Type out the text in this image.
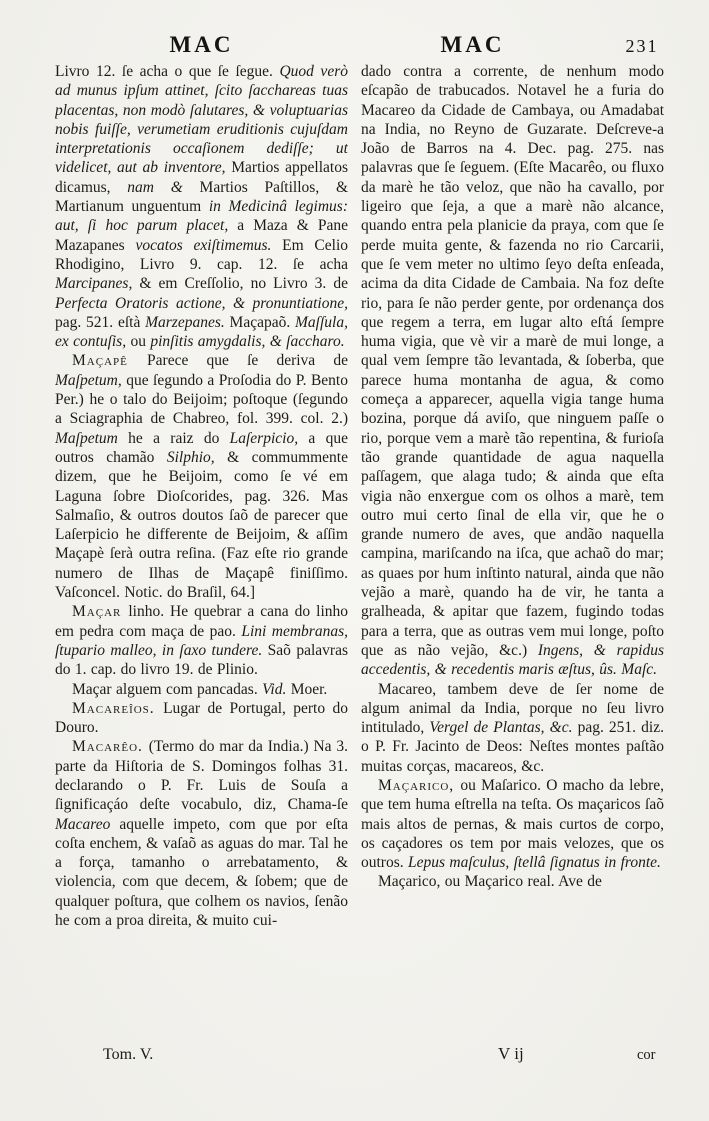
MAC	MAC	231

Livro 12. ſe acha o que ſe ſegue. Quod verò ad munus ipſum attinet, ſcito ſacchareas tuas placentas, non modò ſalutares, & voluptuarias nobis fuiſſe, verumetiam eruditionis cujuſdam interpretationis occaſionem dediſſe; ut videlicet, aut ab inventore, Martios appellatos dicamus, nam & Martios Paſtillos, & Martianum unguentum in Medicinâ legimus: aut, ſi hoc parum placet, a Maza & Pane Mazapanes vocatos exiſtimemus. Em Celio Rhodigino, Livro 9. cap. 12. ſe acha Marcipanes, & em Creſſolio, no Livro 3. de Perfecta Oratoris actione, & pronuntiatione, pag. 521. eſtà Marzepanes. Maçapaõ. Maſſula, ex contuſis, ou pinſitis amygdalis, & ſaccharo.

Maçapê Parece que ſe deriva de Maſpetum, que ſegundo a Proſodia do P. Bento Per.) he o talo do Beijoim; poſtoque (ſegundo a Sciagraphia de Chabreo, fol. 399. col. 2.) Maſpetum he a raiz do Laſerpicio, a que outros chamão Silphio, & commummente dizem, que he Beijoim, como ſe vé em Laguna ſobre Dioſcorides, pag. 326. Mas Salmaſio, & outros doutos ſaõ de parecer que Laſerpicio he differente de Beijoim, & aſſim Maçapè ſerà outra reſina. (Faz eſte rio grande numero de Ilhas de Maçapê finiſſimo. Vaſconcel. Notic. do Braſil, 64.]

Maçar linho. He quebrar a cana do linho em pedra com maça de pao. Lini membranas, ſtupario malleo, in ſaxo tundere. Saõ palavras do 1. cap. do livro 19. de Plinio.

Maçar alguem com pancadas. Vid. Moer.

Macareîos. Lugar de Portugal, perto do Douro.

Macarêo. (Termo do mar da India.) Na 3. parte da Hiſtoria de S. Domingos folhas 31. declarando o P. Fr. Luis de Souſa a ſignificaçáo deſte vocabulo, diz, Chama-ſe Macareo aquelle impeto, com que por eſta coſta enchem, & vaſaõ as aguas do mar. Tal he a força, tamanho o arrebatamento, & violencia, com que decem, & ſobem; que de qualquer poſtura, que colhem os navios, ſenão he com a proa direita, & muito cui-

dado contra a corrente, de nenhum modo eſcapão de trabucados. Notavel he a furia do Macareo da Cidade de Cambaya, ou Amadabat na India, no Reyno de Guzarate. Deſcreve-a João de Barros na 4. Dec. pag. 275. nas palavras que ſe ſeguem. (Eſte Macarêo, ou fluxo da marè he tão veloz, que não ha cavallo, por ligeiro que ſeja, a que a marè não alcance, quando entra pela planicie da praya, com que ſe perde muita gente, & fazenda no rio Carcarii, que ſe vem meter no ultimo ſeyo deſta enſeada, acima da dita Cidade de Cambaia. Na foz deſte rio, para ſe não perder gente, por ordenança dos que regem a terra, em lugar alto eſtá ſempre huma vigia, que vè vir a marè de mui longe, a qual vem ſempre tão levantada, & ſoberba, que parece huma montanha de agua, & como começa a apparecer, aquella vigia tange huma bozina, porque dá aviſo, que ninguem paſſe o rio, porque vem a marè tão repentina, & furioſa tão grande quantidade de agua naquella paſſagem, que alaga tudo; & ainda que eſta vigia não enxergue com os olhos a marè, tem outro mui certo ſinal de ella vir, que he o grande numero de aves, que andão naquella campina, mariſcando na iſca, que achaõ do mar; as quaes por hum inſtinto natural, ainda que não vejão a marè, quando ha de vir, he tanta a gralheada, & apitar que fazem, fugindo todas para a terra, que as outras vem mui longe, poſto que as não vejão, &c.) Ingens, & rapidus accedentis, & recedentis maris æſtus, ûs. Maſc.

Macareo, tambem deve de ſer nome de algum animal da India, porque no ſeu livro intitulado, Vergel de Plantas, &c. pag. 251. diz. o P. Fr. Jacinto de Deos: Neſtes montes paſtão muitas corças, macareos, &c.

Maçarico, ou Maſarico. O macho da lebre, que tem huma eſtrella na teſta. Os maçaricos ſaõ mais altos de pernas, & mais curtos de corpo, os caçadores os tem por mais velozes, que os outros. Lepus maſculus, ſtellâ ſignatus in fronte.

Maçarico, ou Maçarico real. Ave de

Tom. V.	V ij	cor
